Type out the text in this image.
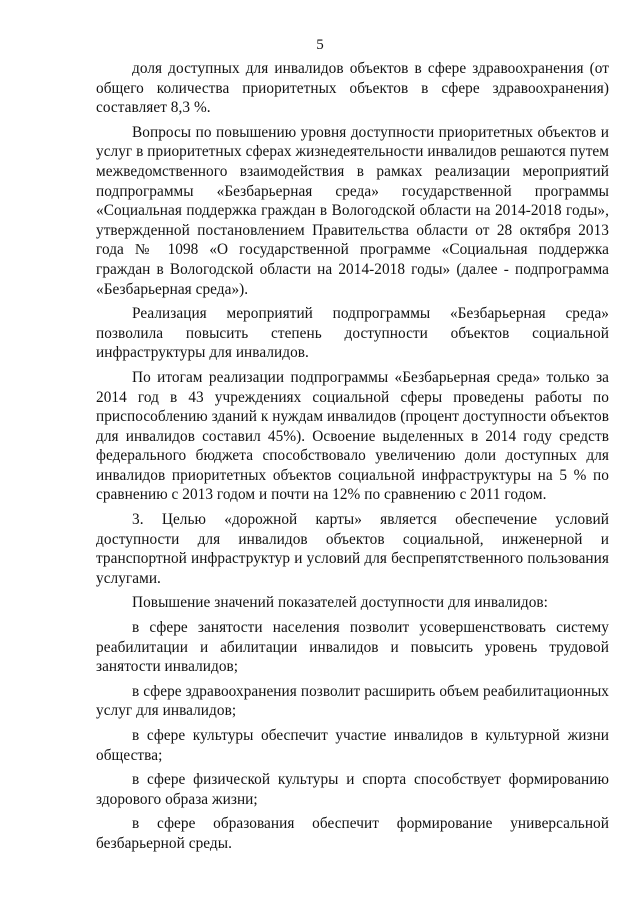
5

доля доступных для инвалидов объектов в сфере здравоохранения (от общего количества приоритетных объектов в сфере здравоохранения) составляет 8,3 %.

Вопросы по повышению уровня доступности приоритетных объектов и услуг в приоритетных сферах жизнедеятельности инвалидов решаются путем межведомственного взаимодействия в рамках реализации мероприятий подпрограммы «Безбарьерная среда» государственной программы «Социальная поддержка граждан в Вологодской области на 2014-2018 годы», утвержденной постановлением Правительства области от 28 октября 2013 года № 1098 «О государственной программе «Социальная поддержка граждан в Вологодской области на 2014-2018 годы» (далее - подпрограмма «Безбарьерная среда»).

Реализация мероприятий подпрограммы «Безбарьерная среда» позволила повысить степень доступности объектов социальной инфраструктуры для инвалидов.

По итогам реализации подпрограммы «Безбарьерная среда» только за 2014 год в 43 учреждениях социальной сферы проведены работы по приспособлению зданий к нуждам инвалидов (процент доступности объектов для инвалидов составил 45%). Освоение выделенных в 2014 году средств федерального бюджета способствовало увеличению доли доступных для инвалидов приоритетных объектов социальной инфраструктуры на 5 % по сравнению с 2013 годом и почти на 12% по сравнению с 2011 годом.

3. Целью «дорожной карты» является обеспечение условий доступности для инвалидов объектов социальной, инженерной и транспортной инфраструктур и условий для беспрепятственного пользования услугами.

Повышение значений показателей доступности для инвалидов:

в сфере занятости населения позволит усовершенствовать систему реабилитации и абилитации инвалидов и повысить уровень трудовой занятости инвалидов;

в сфере здравоохранения позволит расширить объем реабилитационных услуг для инвалидов;

в сфере культуры обеспечит участие инвалидов в культурной жизни общества;

в сфере физической культуры и спорта способствует формированию здорового образа жизни;

в сфере образования обеспечит формирование универсальной безбарьерной среды.
